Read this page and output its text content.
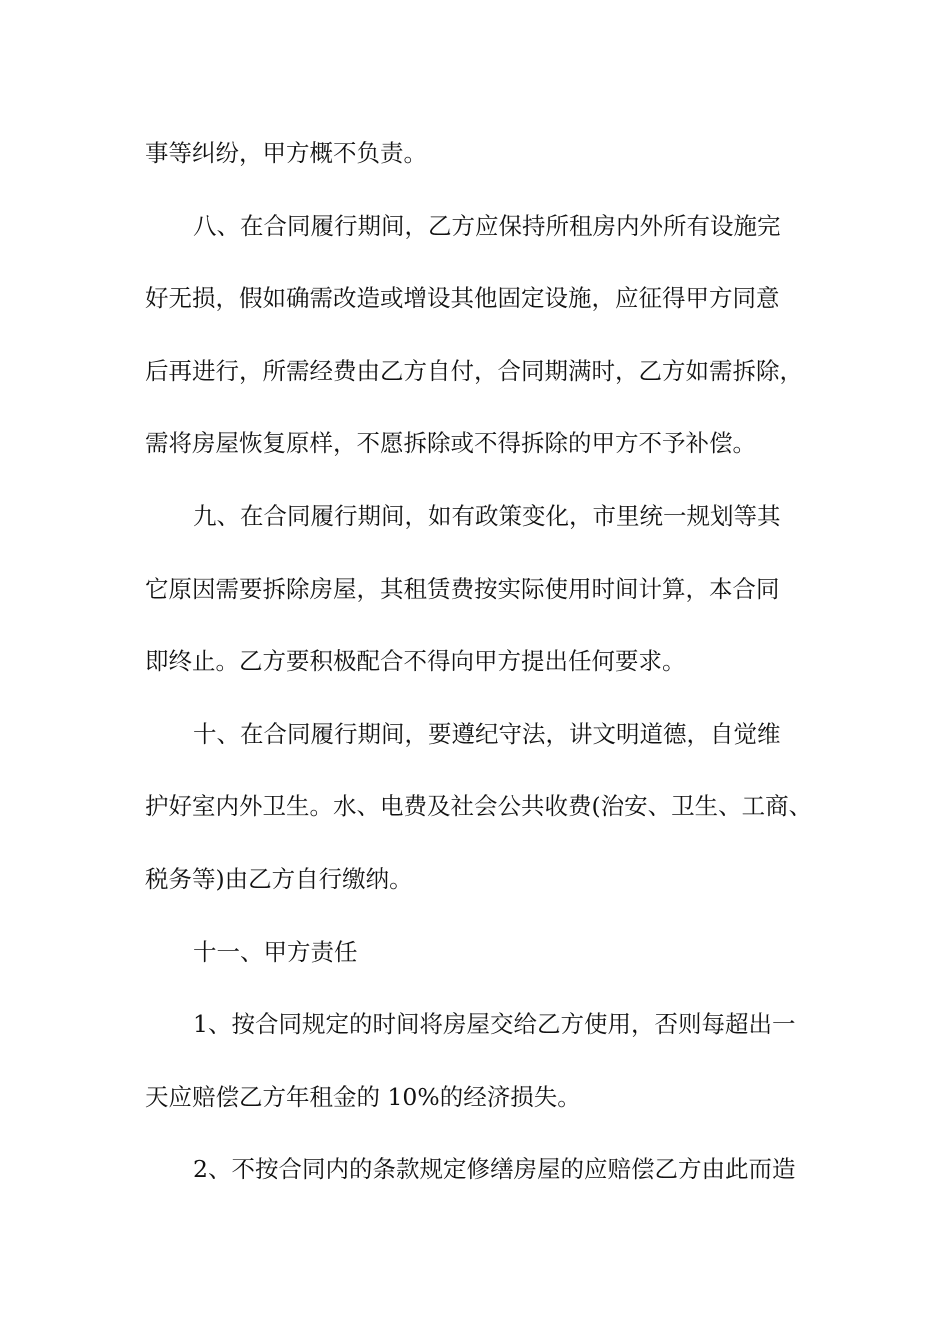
事等纠纷，甲方概不负责。
八、在合同履行期间，乙方应保持所租房内外所有设施完
好无损，假如确需改造或增设其他固定设施，应征得甲方同意
后再进行，所需经费由乙方自付，合同期满时，乙方如需拆除，
需将房屋恢复原样，不愿拆除或不得拆除的甲方不予补偿。
九、在合同履行期间，如有政策变化，市里统一规划等其
它原因需要拆除房屋，其租赁费按实际使用时间计算，本合同
即终止。乙方要积极配合不得向甲方提出任何要求。
十、在合同履行期间，要遵纪守法，讲文明道德，自觉维
护好室内外卫生。水、电费及社会公共收费(治安、卫生、工商、
税务等)由乙方自行缴纳。
十一、甲方责任
1、按合同规定的时间将房屋交给乙方使用，否则每超出一
天应赔偿乙方年租金的 10%的经济损失。
2、不按合同内的条款规定修缮房屋的应赔偿乙方由此而造
